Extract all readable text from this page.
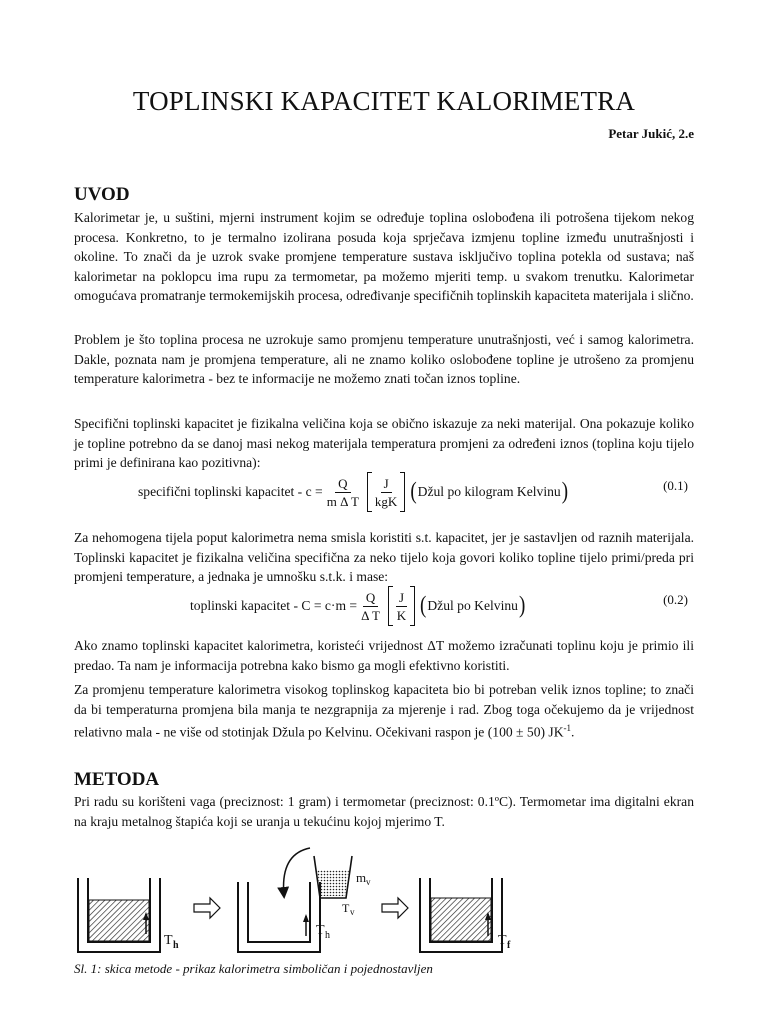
TOPLINSKI KAPACITET KALORIMETRA
Petar Jukić, 2.e
UVOD

Kalorimetar je, u suštini, mjerni instrument kojim se određuje toplina oslobođena ili potrošena tijekom nekog procesa. Konkretno, to je termalno izolirana posuda koja sprječava izmjenu topline između unutrašnjosti i okoline. To znači da je uzrok svake promjene temperature sustava isključivo toplina potekla od sustava; naš kalorimetar na poklopcu ima rupu za termometar, pa možemo mjeriti temp. u svakom trenutku. Kalorimetar omogućava promatranje termokemijskih procesa, određivanje specifičnih toplinskih kapaciteta materijala i slično.

Problem je što toplina procesa ne uzrokuje samo promjenu temperature unutrašnjosti, već i samog kalorimetra. Dakle, poznata nam je promjena temperature, ali ne znamo koliko oslobođene topline je utrošeno za promjenu temperature kalorimetra - bez te informacije ne možemo znati točan iznos topline.

Specifični toplinski kapacitet je fizikalna veličina koja se obično iskazuje za neki materijal. Ona pokazuje koliko je topline potrebno da se danoj masi nekog materijala temperatura promjeni za određeni iznos (toplina koju tijelo primi je definirana kao pozitivna):

specifični toplinski kapacitet - $c = \frac{Q}{\text{m Δ T}} \frac{J}{\text{kgK}}$ ( Džul po kilogram Kelvinu )	(0.1)

Za nehomogena tijela poput kalorimetra nema smisla koristiti s.t. kapacitet, jer je sastavljen od raznih materijala. Toplinski kapacitet je fizikalna veličina specifična za neko tijelo koja govori koliko topline tijelo primi/preda pri promjeni temperature, a jednaka je umnošku s.t.k. i mase:

toplinski kapacitet - $C = c\cdot m = \frac{Q}{\text{Δ T}} \frac{J}{K}$ ( Džul po Kelvinu )	(0.2)

Ako znamo toplinski kapacitet kalorimetra, koristeći vrijednost ΔT možemo izračunati toplinu koju je primio ili predao. Ta nam je informacija potrebna kako bismo ga mogli efektivno koristiti.

Za promjenu temperature kalorimetra visokog toplinskog kapaciteta bio bi potreban velik iznos topline; to znači da bi temperaturna promjena bila manja te nezgrapnija za mjerenje i rad. Zbog toga očekujemo da je vrijednost relativno mala - ne više od stotinjak Džula po Kelvinu. Očekivani raspon je (100 ± 50) $JK^{-1}$.

METODA

Pri radu su korišteni vaga (preciznost: 1 gram) i termometar (preciznost: 0.1ºC). Termometar ima digitalni ekran na kraju metalnog štapića koji se uranja u tekućinu kojoj mjerimo T.

T h
T h
m v
T v
T f
Sl. 1: skica metode - prikaz kalorimetra simboličan i pojednostavljen
